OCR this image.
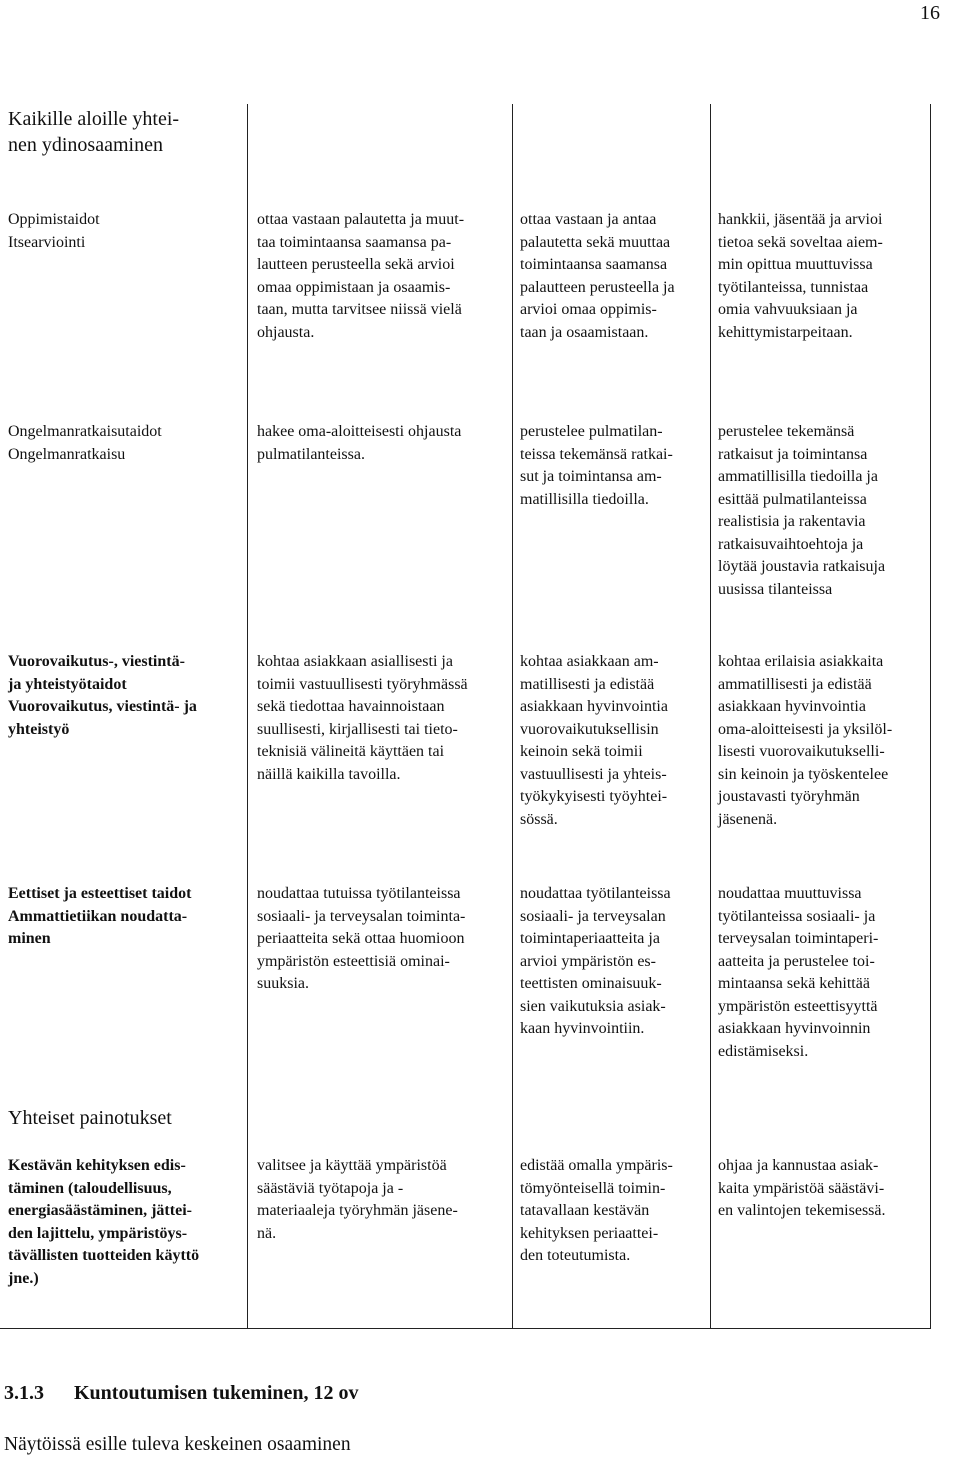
16
Kaikille aloille yhtei-
nen ydinosaaminen
Oppimistaidot
Itsearviointi
ottaa vastaan palautetta ja muut-
taa toimintaansa saamansa pa-
lautteen perusteella sekä arvioi
omaa oppimistaan ja osaamis-
taan, mutta tarvitsee niissä vielä
ohjausta.
ottaa vastaan ja antaa
palautetta sekä muuttaa
toimintaansa saamansa
palautteen perusteella ja
arvioi omaa oppimis-
taan ja osaamistaan.
hankkii, jäsentää ja arvioi
tietoa sekä soveltaa aiem-
min opittua muuttuvissa
työtilanteissa, tunnistaa
omia vahvuuksiaan ja
kehittymistarpeitaan.
Ongelmanratkaisutaidot
Ongelmanratkaisu
hakee oma-aloitteisesti ohjausta
pulmatilanteissa.
perustelee pulmatilan-
teissa tekemänsä ratkai-
sut ja toimintansa am-
matillisilla tiedoilla.
perustelee tekemänsä
ratkaisut ja toimintansa
ammatillisilla tiedoilla ja
esittää pulmatilanteissa
realistisia ja rakentavia
ratkaisuvaihtoehtoja ja
löytää joustavia ratkaisuja
uusissa tilanteissa
Vuorovaikutus-, viestintä-
ja yhteistyötaidot
Vuorovaikutus, viestintä- ja
yhteistyö
kohtaa asiakkaan asiallisesti ja
toimii vastuullisesti työryhmässä
sekä tiedottaa havainnoistaan
suullisesti, kirjallisesti tai tieto-
teknisiä välineitä käyttäen tai
näillä kaikilla tavoilla.
kohtaa asiakkaan am-
matillisesti ja edistää
asiakkaan hyvinvointia
vuorovaikutuksellisin
keinoin sekä toimii
vastuullisesti ja yhteis-
työkykyisesti työyhtei-
sössä.
kohtaa erilaisia asiakkaita
ammatillisesti ja edistää
asiakkaan hyvinvointia
oma-aloitteisesti ja yksilöl-
lisesti vuorovaikutukselli-
sin keinoin ja työskentelee
joustavasti työryhmän
jäsenenä.
Eettiset ja esteettiset taidot
Ammattietiikan noudatta-
minen
noudattaa tutuissa työtilanteissa
sosiaali- ja terveysalan toiminta-
periaatteita sekä ottaa huomioon
ympäristön esteettisiä ominai-
suuksia.
noudattaa työtilanteissa
sosiaali- ja terveysalan
toimintaperiaatteita ja
arvioi ympäristön es-
teettisten ominaisuuk-
sien vaikutuksia asiak-
kaan hyvinvointiin.
noudattaa muuttuvissa
työtilanteissa sosiaali- ja
terveysalan toimintaperi-
aatteita ja perustelee toi-
mintaansa sekä kehittää
ympäristön esteettisyyttä
asiakkaan hyvinvoinnin
edistämiseksi.
Yhteiset painotukset
Kestävän kehityksen edis-
täminen (taloudellisuus,
energiasäästäminen, jättei-
den lajittelu, ympäristöys-
tävällisten tuotteiden käyttö
jne.)
valitsee ja käyttää ympäristöä
säästäviä työtapoja ja -
materiaaleja työryhmän jäsene-
nä.
edistää omalla ympäris-
tömyönteisellä toimin-
tatavallaan kestävän
kehityksen periaattei-
den toteutumista.
ohjaa ja kannustaa asiak-
kaita ympäristöä säästävi-
en valintojen tekemisessä.
3.1.3 Kuntoutumisen tukeminen, 12 ov
Näytöissä esille tuleva keskeinen osaaminen
